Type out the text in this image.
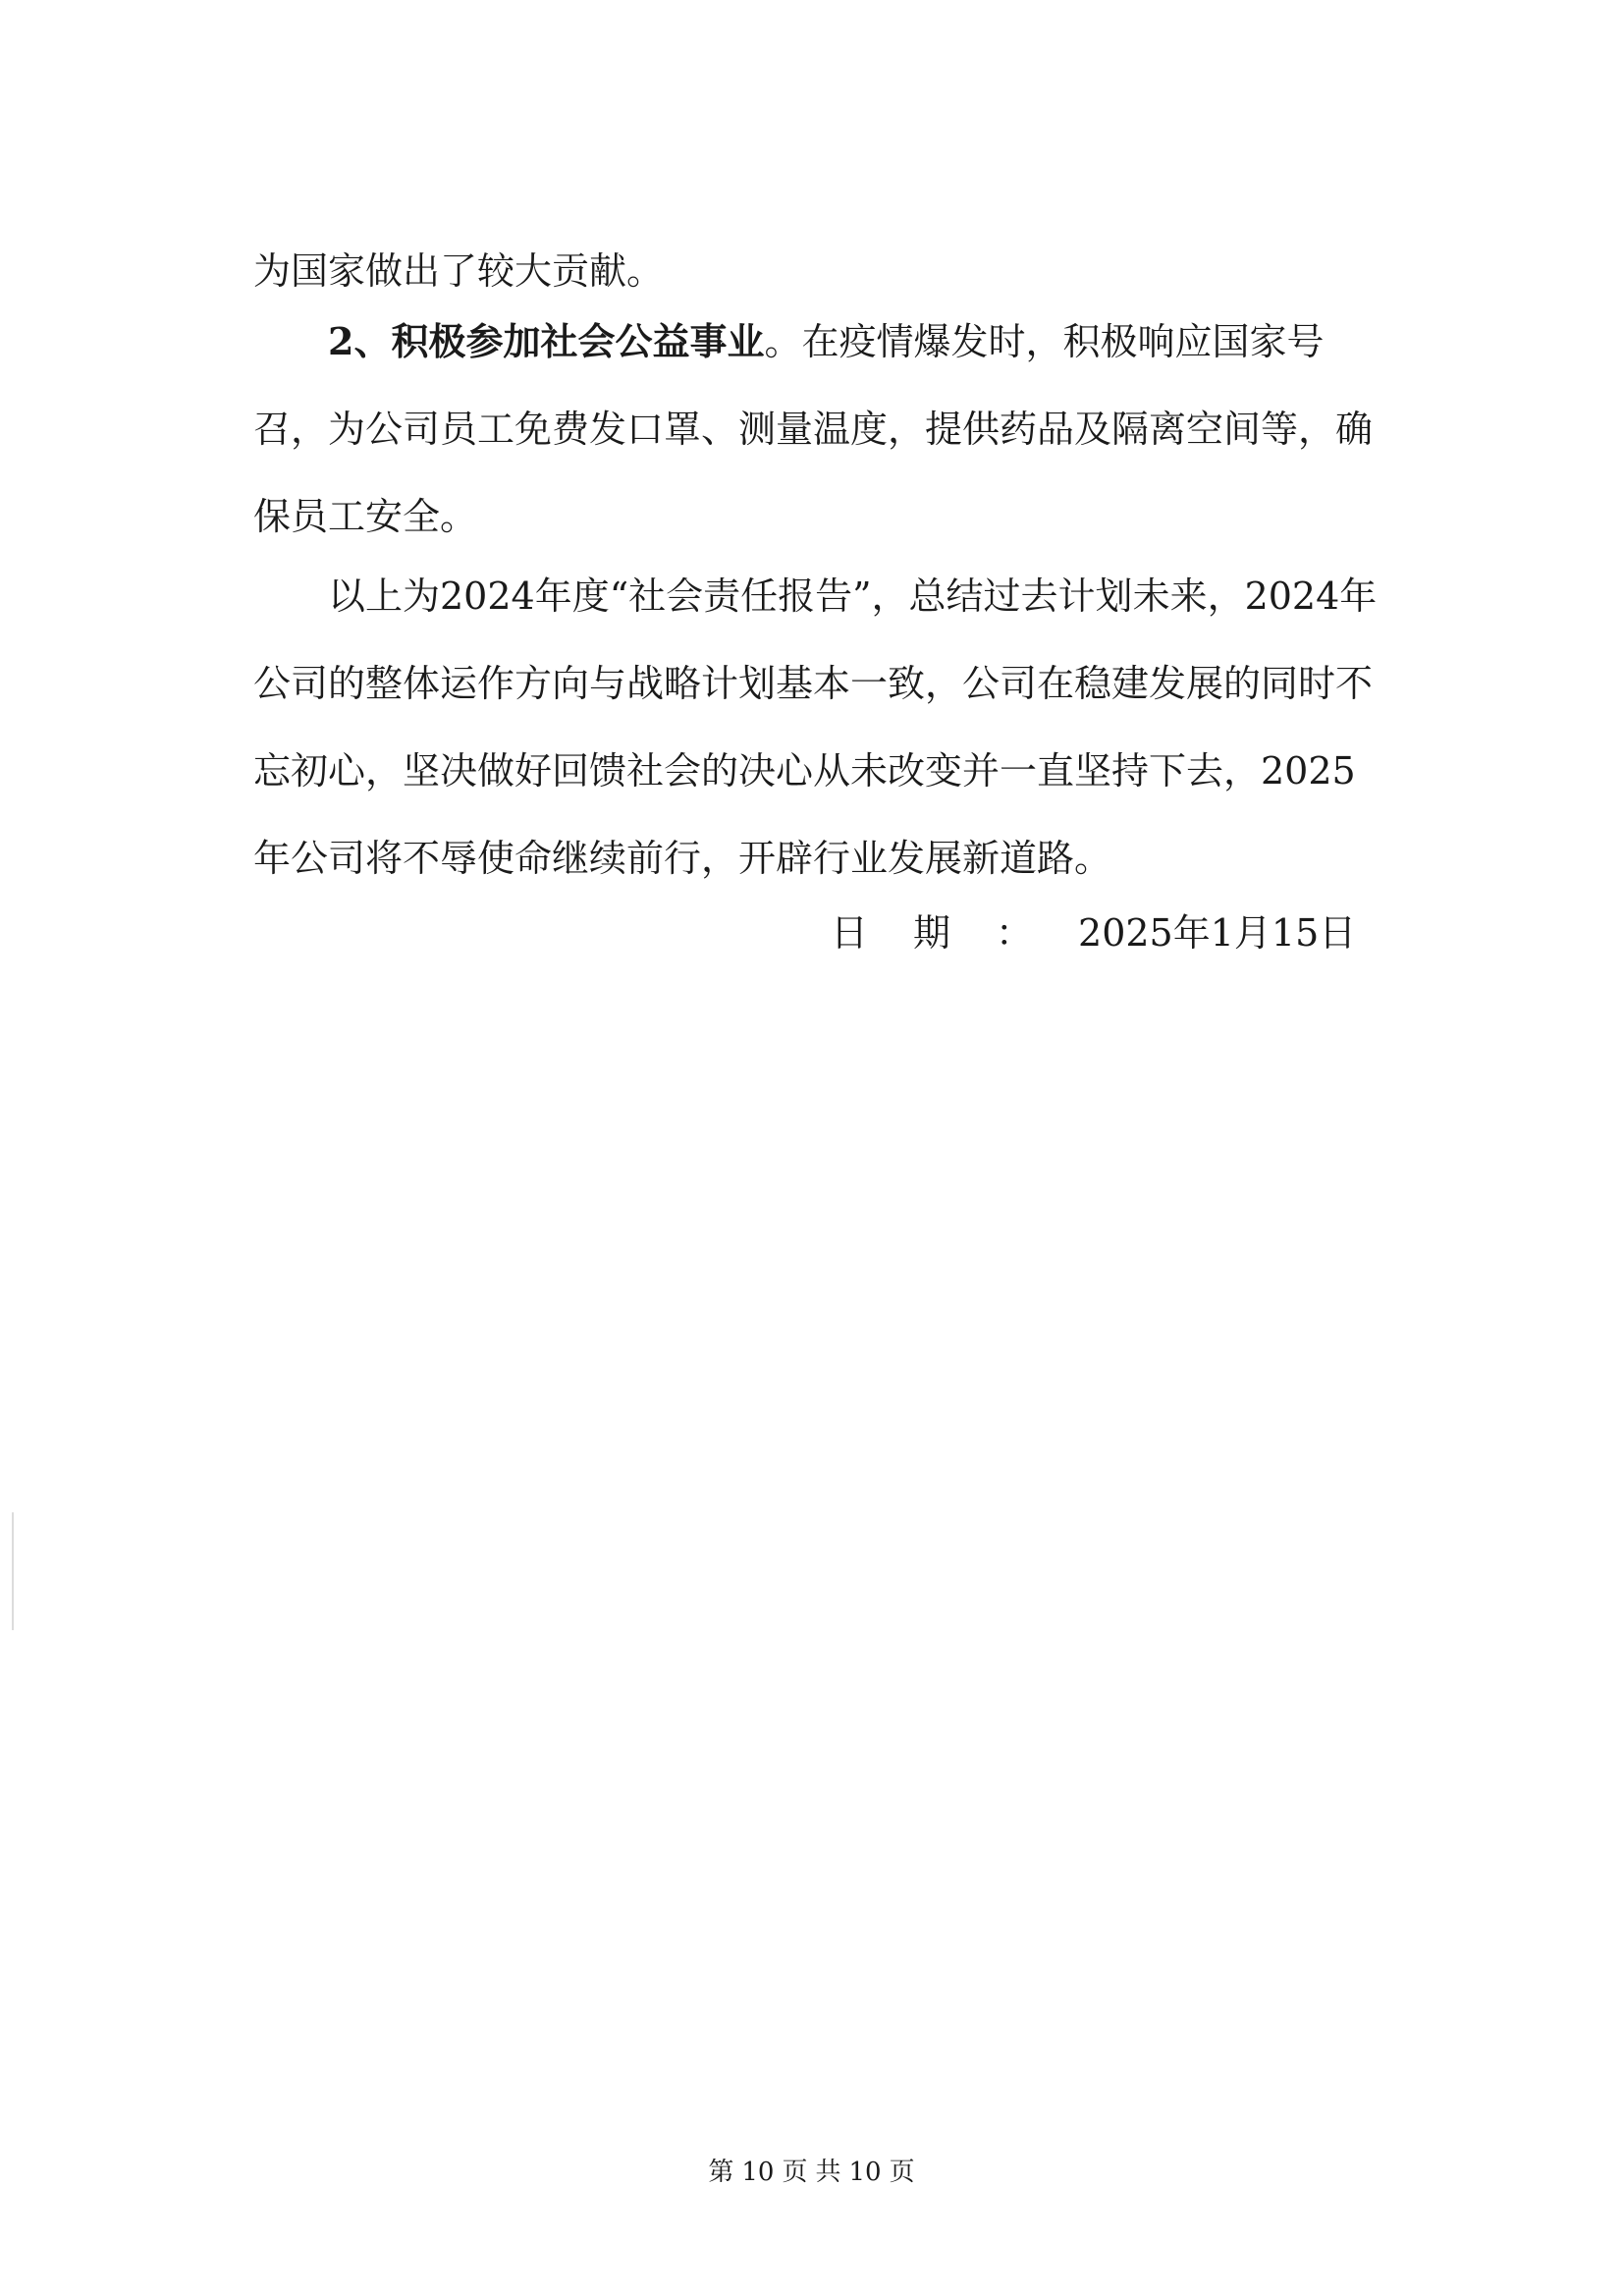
为国家做出了较大贡献。

2、积极参加社会公益事业。在疫情爆发时，积极响应国家号召，为公司员工免费发口罩、测量温度，提供药品及隔离空间等，确保员工安全。

以上为2024年度“社会责任报告”，总结过去计划未来，2024年公司的整体运作方向与战略计划基本一致，公司在稳建发展的同时不忘初心，坚决做好回馈社会的决心从未改变并一直坚持下去，2025年公司将不辱使命继续前行，开辟行业发展新道路。

日期：2025年1月15日
第 10 页 共 10 页
